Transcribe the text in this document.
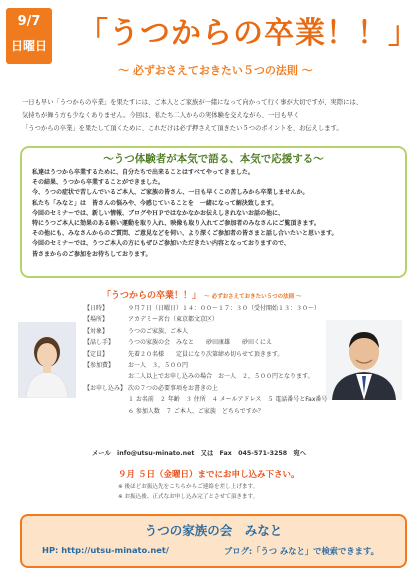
9/7
日曜日 「うつからの卒業！！」
～ 必ずおさえておきたい５つの法則 ～
一日も早い「うつからの卒業」を果たすには、ご本人とご家族が一緒になって向かって行く事が大切ですが、実際には、
気持ちが舞う方も少なくありません。今回は、私たち二人からの実体験を交えながら、一日も早く
「うつからの卒業」を果たして頂くために、これだけは必ず押さえて頂きたい５つのポイントを、お伝えします。
～うつ体験者が本気で語る、本気で応援する～
私達はうつから卒業するために、自分たちで出来ることはすべてやってきました。
その結果、うつから卒業することができました。
今、うつの症状で苦しんでいるご本人、ご家族の皆さん、一日も早くこの苦しみから卒業しませんか。
私たち「みなと」は　皆さんの悩みや、今感じていることを　一緒になって解決致します。
今回のセミナーでは、新しい情報、ブログやＨＰではなかなかお伝えしきれないお話の他に、
特にうつご本人に効果のある軽い運動を取り入れ、映像も取り入れてご参加者のみなさんにご覧頂きます。
その他にも、みなさんからのご質問、ご意見などを伺い、より深くご参加者の皆さまと話し合いたいと思います。
今回のセミナーでは、うつご本人の方にもぜひご参加いただきたい内容となっておりますので、
皆さまからのご参加をお待ちしております。
「うつからの卒業！！」 ～ 必ずおさえておきたい５つの法則 ～
【日時】	９月７日（日曜日）１４：００～１７：３０（受付開始１３：３０～）
【場所】	アカデミー茗台（東京都文京区）
【対象】	うつのご家族、ご本人
【話し手】 うつの家族の会　みなと　　砂田康雄　　砂田くにえ
【定員】	先着２０名様　　定員になり次第締め切らせて頂きます。
【参加費】 お一人　３，５００円
お二人以上でお申し込みの場合　お一人　２，５００円となります。
【お申し込み】 次の７つの必要事項をお書きの上
１ お名前　２ 年齢　３ 住所　４ メールアドレス　５ 電話番号とFax番号
６ 参加人数　７ ご本人、ご家族　どちらですか？
メール　info@utsu-minato.net　又は　Fax　045-571-3258　宛へ
９月 ５日（金曜日）までにお申し込み下さい。
※ 後ほどお振込先をこちらからご連絡を差し上げます。
※ お振込後、正式なお申し込み完了とさせて頂きます。
うつの家族の会　みなと
HP: http://utsu-minato.net/	ブログ:「うつ みなと」で検索できます。
